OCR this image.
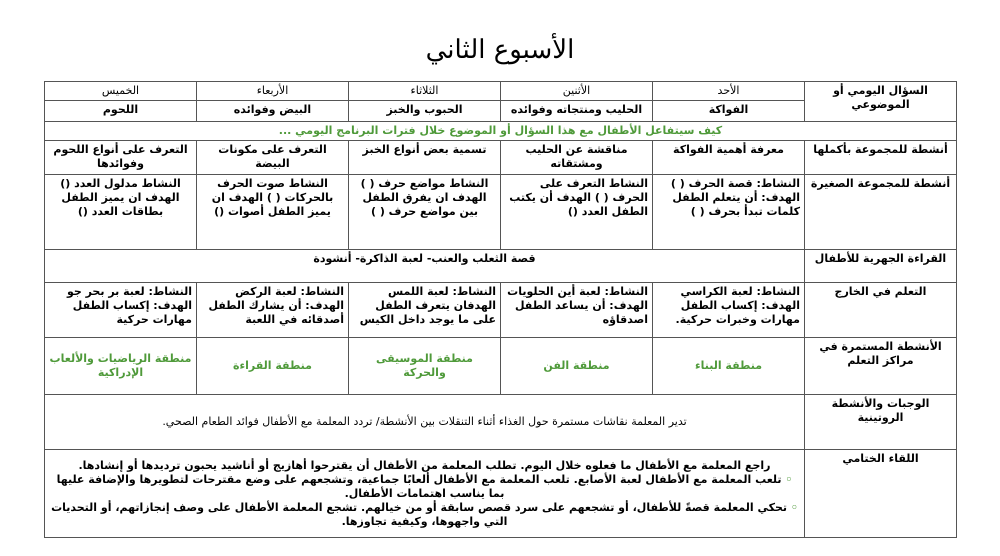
الأسبوع الثاني
السؤال اليومي أو الموضوعي	الأحد	الأثنين	الثلاثاء	الأربعاء	الخميس
	الفواكة	الحليب ومنتجاته وفوائده	الحبوب والخبز	البيض وفوائده	اللحوم
كيف سيتفاعل الأطفال مع هذا السؤال أو الموضوع خلال فترات البرنامج اليومي ...					
أنشطة للمجموعة بأكملها	معرفة أهمية الفواكة	مناقشة عن الحليب ومشتقاته	تسمية بعض أنواع الخبز	التعرف على مكونات البيضة	التعرف على أنواع اللحوم وفوائدها
أنشطة للمجموعة الصغيرة	النشاط: قصة الحرف ( ) الهدف: أن يتعلم الطفل كلمات تبدأ بحرف ( )	النشاط التعرف على الحرف ( ) الهدف أن يكتب الطفل العدد ()	النشاط مواضع حرف ( ) الهدف ان يفرق الطفل بين مواضع حرف ( )	النشاط صوت الحرف بالحركات ( ) الهدف ان يميز الطفل أصوات ()	النشاط مدلول العدد () الهدف ان يميز الطفل بطاقات العدد ()
القراءة الجهرية للأطفال	قصة الثعلب والعنب- لعبة الذاكرة- أنشودة				
التعلم في الخارج	النشاط: لعبة الكراسي الهدف: إكساب الطفل مهارات وخبرات حركية.	النشاط: لعبة أين الحلويات الهدف: أن يساعد الطفل اصدقاؤه	النشاط: لعبة اللمس الهدفان يتعرف الطفل على ما يوجد داخل الكيس	النشاط: لعبة الركض الهدف: أن يشارك الطفل أصدقائه في اللعبة	النشاط: لعبة بر بحر جو الهدف: إكساب الطفل مهارات حركية
الأنشطة المستمرة في مراكز التعلم	منطقة البناء	منطقة الفن	منطقة الموسيقى والحركة	منطقة القراءة	منطقة الرياضيات والألعاب الإدراكية
الوجبات والأنشطة الروتينية	تدير المعلمة نقاشات مستمرة حول الغذاء أثناء التنقلات بين الأنشطة/ تردد المعلمة مع الأطفال فوائد الطعام الصحي.				
اللقاء الختامي	راجع المعلمة مع الأطفال ما فعلوه خلال اليوم. تطلب المعلمة من الأطفال أن يقترحوا أهازيج أو أناشيد يحبون ترديدها أو إنشادها.

◦ تلعب المعلمة مع الأطفال لعبة الأصابع. تلعب المعلمة مع الأطفال ألعابًا جماعية، وتشجعهم على وضع مقترحات لتطويرها والإضافة عليها بما يناسب اهتمامات الأطفال.

◦ تحكي المعلمة قصةً للأطفال، أو تشجعهم على سرد قصص سابقة أو من خيالهم. تشجع المعلمة الأطفال على وصف إنجازاتهم، أو التحديات التي واجهوها، وكيفية تجاوزها.				
